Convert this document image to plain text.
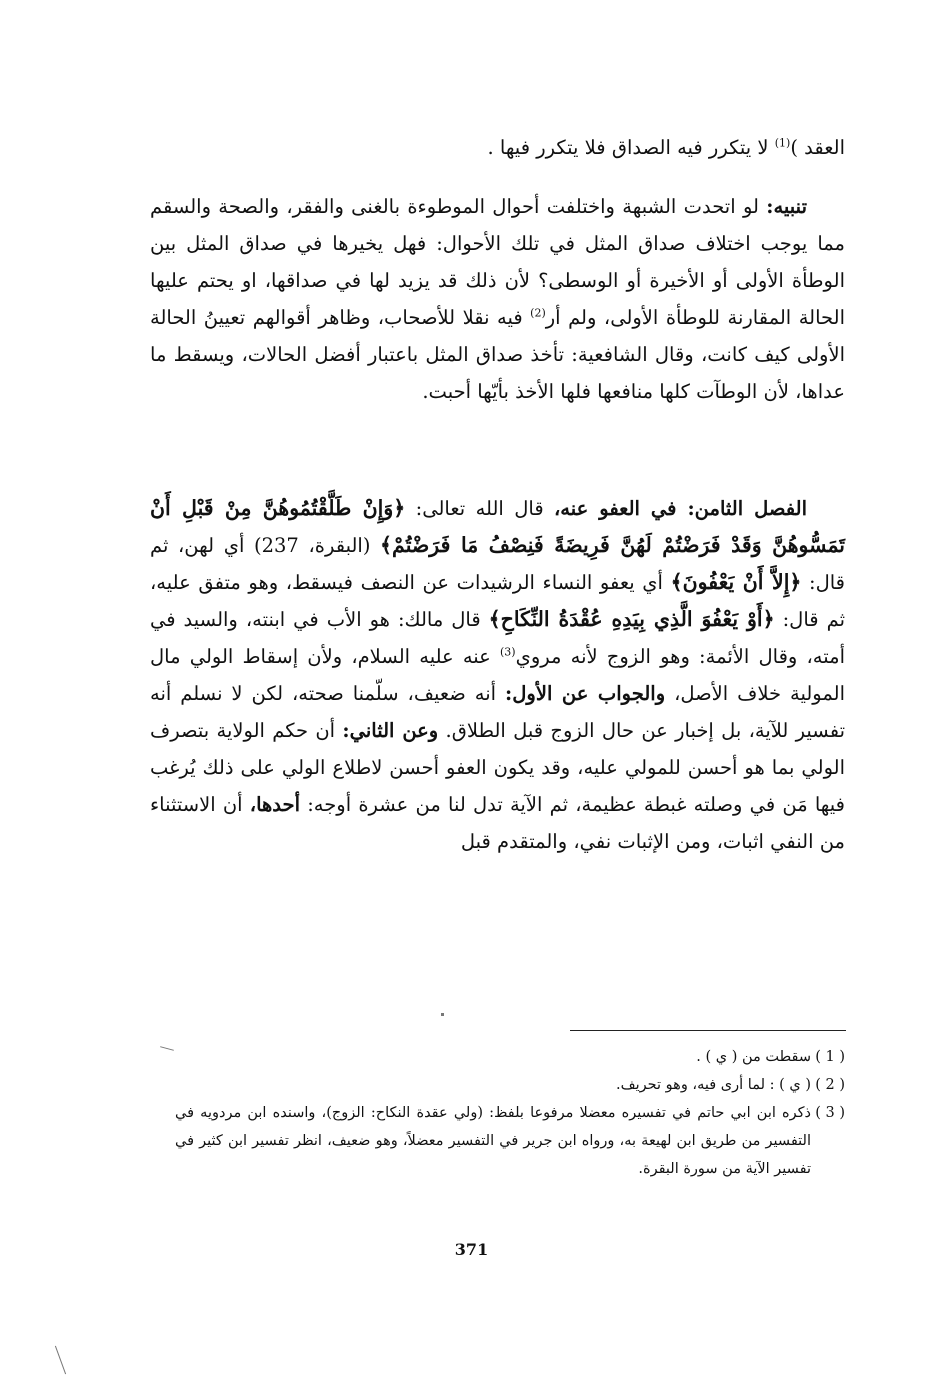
العقد )$^{(1)}$ لا يتكرر فيه الصداق فلا يتكرر فيها .

تنبيه: لو اتحدت الشبهة واختلفت أحوال الموطوءة بالغنى والفقر، والصحة والسقم مما يوجب اختلاف صداق المثل في تلك الأحوال: فهل يخيرها في صداق المثل بين الوطأة الأولى أو الأخيرة أو الوسطى؟ لأن ذلك قد يزيد لها في صداقها، او يحتم عليها الحالة المقارنة للوطأة الأولى، ولم أر$^{(2)}$ فيه نقلا للأصحاب، وظاهر أقوالهم تعيينُ الحالة الأولى كيف كانت، وقال الشافعية: تأخذ صداق المثل باعتبار أفضل الحالات، ويسقط ما عداها، لأن الوطآت كلها منافعها فلها الأخذ بأيّها أحبت.

الفصل الثامن: في العفو عنه، قال الله تعالى: ﴿وَإِنْ طَلَّقْتُمُوهُنَّ مِنْ قَبْلِ أَنْ تَمَسُّوهُنَّ وَقَدْ فَرَضْتُمْ لَهُنَّ فَرِيضَةً فَنِصْفُ مَا فَرَضْتُمْ﴾ (البقرة، 237) أي لهن، ثم قال: ﴿إِلاَّ أَنْ يَعْفُونَ﴾ أي يعفو النساء الرشيدات عن النصف فيسقط، وهو متفق عليه، ثم قال: ﴿أَوْ يَعْفُوَ الَّذِي بِيَدِهِ عُقْدَةُ النِّكَاحِ﴾ قال مالك: هو الأب في ابنته، والسيد في أمته، وقال الأئمة: وهو الزوج لأنه مروي$^{(3)}$ عنه عليه السلام، ولأن إسقاط الولي مال المولية خلاف الأصل، والجواب عن الأول: أنه ضعيف، سلّمنا صحته، لكن لا نسلم أنه تفسير للآية، بل إخبار عن حال الزوج قبل الطلاق. وعن الثاني: أن حكم الولاية بتصرف الولي بما هو أحسن للمولي عليه، وقد يكون العفو أحسن لاطلاع الولي على ذلك يُرغب فيها مَن في وصلته غبطة عظيمة، ثم الآية تدل لنا من عشرة أوجه: أحدها، أن الاستثناء من النفي اثبات، ومن الإثبات نفي، والمتقدم قبل

( 1 )
سقطت من ( ي ) .
( 2 )
( ي ) : لما أرى فيه، وهو تحريف.
( 3 )
ذكره ابن ابي حاتم في تفسيره معضلا مرفوعا بلفظ: (ولي عقدة النكاح: الزوج)، واسنده ابن مردويه في التفسير من طريق ابن لهيعة به، ورواه ابن جرير في التفسير معضلاً، وهو ضعيف، انظر تفسير ابن كثير في تفسير الآية من سورة البقرة.
371
